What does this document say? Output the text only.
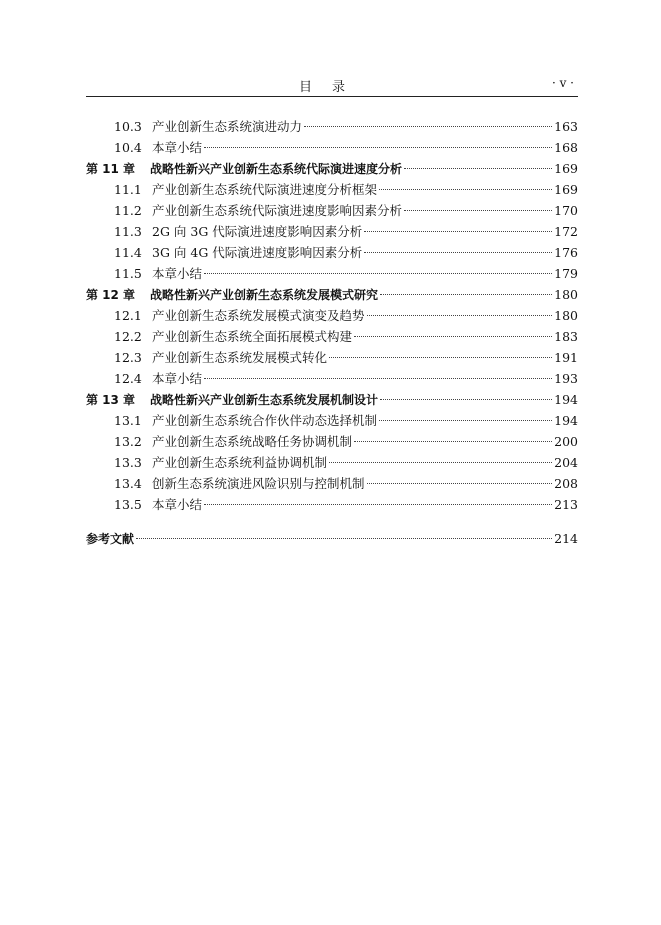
目录	· v ·
10.3 产业创新生态系统演进动力	163
10.4 本章小结	168
第 11 章	战略性新兴产业创新生态系统代际演进速度分析	169
11.1 产业创新生态系统代际演进速度分析框架	169
11.2 产业创新生态系统代际演进速度影响因素分析	170
11.3 2G 向 3G 代际演进速度影响因素分析	172
11.4 3G 向 4G 代际演进速度影响因素分析	176
11.5 本章小结	179
第 12 章	战略性新兴产业创新生态系统发展模式研究	180
12.1 产业创新生态系统发展模式演变及趋势	180
12.2 产业创新生态系统全面拓展模式构建	183
12.3 产业创新生态系统发展模式转化	191
12.4 本章小结	193
第 13 章	战略性新兴产业创新生态系统发展机制设计	194
13.1 产业创新生态系统合作伙伴动态选择机制	194
13.2 产业创新生态系统战略任务协调机制	200
13.3 产业创新生态系统利益协调机制	204
13.4 创新生态系统演进风险识别与控制机制	208
13.5 本章小结	213
参考文献	214
